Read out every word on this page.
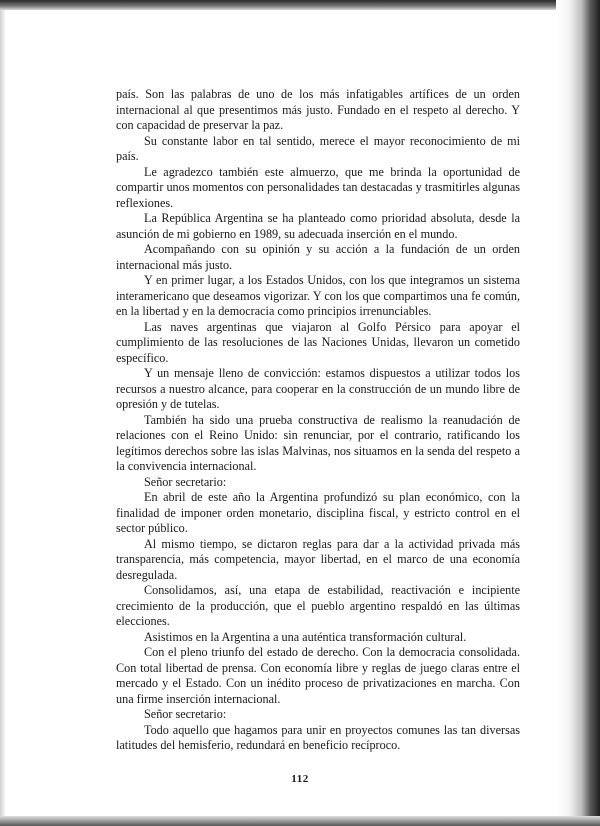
país. Son las palabras de uno de los más infatigables artífices de un orden internacional al que presentimos más justo. Fundado en el respeto al derecho. Y con capacidad de preservar la paz.

Su constante labor en tal sentido, merece el mayor reconocimiento de mi país.

Le agradezco también este almuerzo, que me brinda la oportunidad de compartir unos momentos con personalidades tan destacadas y trasmitirles algunas reflexiones.

La República Argentina se ha planteado como prioridad absoluta, desde la asunción de mi gobierno en 1989, su adecuada inserción en el mundo.

Acompañando con su opinión y su acción a la fundación de un orden internacional más justo.

Y en primer lugar, a los Estados Unidos, con los que integramos un sistema interamericano que deseamos vigorizar. Y con los que compartimos una fe común, en la libertad y en la democracia como principios irrenunciables.

Las naves argentinas que viajaron al Golfo Pérsico para apoyar el cumplimiento de las resoluciones de las Naciones Unidas, llevaron un cometido específico.

Y un mensaje lleno de convicción: estamos dispuestos a utilizar todos los recursos a nuestro alcance, para cooperar en la construcción de un mundo libre de opresión y de tutelas.

También ha sido una prueba constructiva de realismo la reanudación de relaciones con el Reino Unido: sin renunciar, por el contrario, ratificando los legítimos derechos sobre las islas Malvinas, nos situamos en la senda del respeto a la convivencia internacional.

Señor secretario:

En abril de este año la Argentina profundizó su plan económico, con la finalidad de imponer orden monetario, disciplina fiscal, y estricto control en el sector público.

Al mismo tiempo, se dictaron reglas para dar a la actividad privada más transparencia, más competencia, mayor libertad, en el marco de una economía desregulada.

Consolidamos, así, una etapa de estabilidad, reactivación e incipiente crecimiento de la producción, que el pueblo argentino respaldó en las últimas elecciones.

Asistimos en la Argentina a una auténtica transformación cultural.

Con el pleno triunfo del estado de derecho. Con la democracia consolidada. Con total libertad de prensa. Con economía libre y reglas de juego claras entre el mercado y el Estado. Con un inédito proceso de privatizaciones en marcha. Con una firme inserción internacional.

Señor secretario:

Todo aquello que hagamos para unir en proyectos comunes las tan diversas latitudes del hemisferio, redundará en beneficio recíproco.

112
